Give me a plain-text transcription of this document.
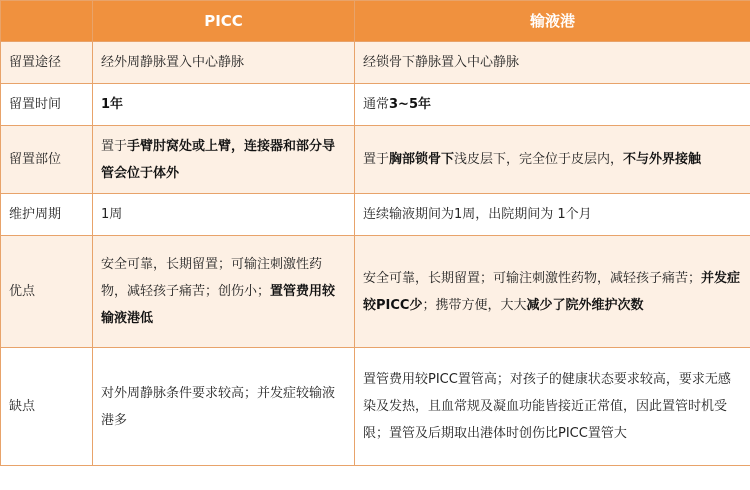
	PICC	输液港
留置途径	经外周静脉置入中心静脉	经锁骨下静脉置入中心静脉
留置时间	1年	通常3~5年
留置部位	置于手臂肘窝处或上臂，连接器和部分导管会位于体外	置于胸部锁骨下浅皮层下，完全位于皮层内，不与外界接触
维护周期	1周	连续输液期间为1周，出院期间为 1个月
优点	安全可靠，长期留置；可输注刺激性药物，减轻孩子痛苦；创伤小；置管费用较输液港低	安全可靠，长期留置；可输注刺激性药物，减轻孩子痛苦；并发症较PICC少；携带方便，大大减少了院外维护次数
缺点	对外周静脉条件要求较高；并发症较输液港多	置管费用较PICC置管高；对孩子的健康状态要求较高，要求无感染及发热，且血常规及凝血功能皆接近正常值，因此置管时机受限；置管及后期取出港体时创伤比PICC置管大
